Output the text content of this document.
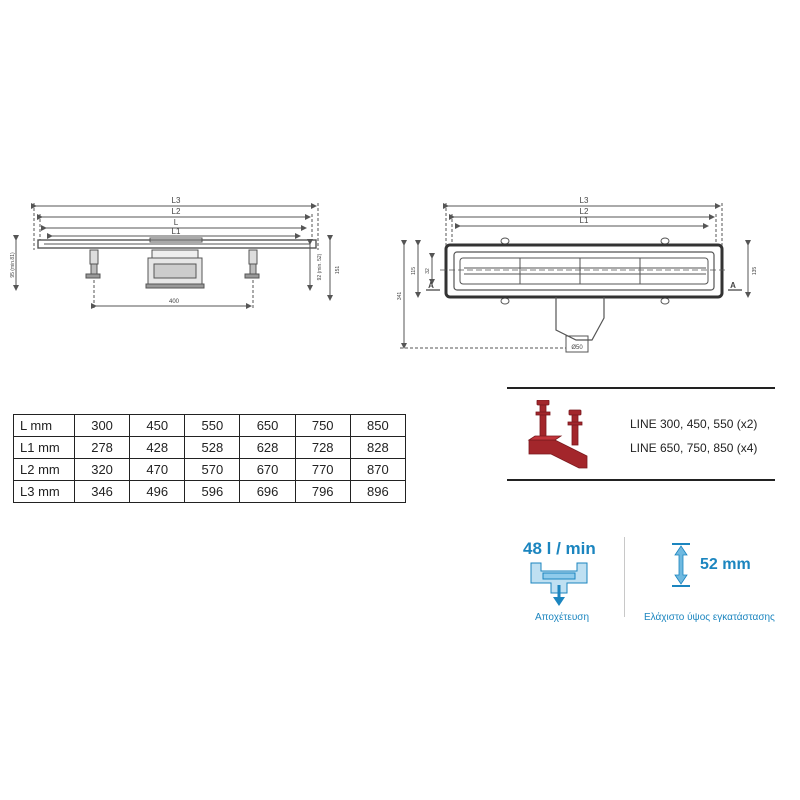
L3
L2
L
L1
400
95 (min.81)	92 (min. 52) 151
L3
L2
L1
Ø50
A	A
341
115 32	135
L mm	300	450	550	650	750	850
L1 mm	278	428	528	628	728	828
L2 mm	320	470	570	670	770	870
L3 mm	346	496	596	696	796	896
LINE 300, 450, 550 (x2)
LINE 650, 750, 850 (x4)
48 l / min
Αποχέτευση
52 mm
Ελάχιστο ύψος εγκατάστασης
